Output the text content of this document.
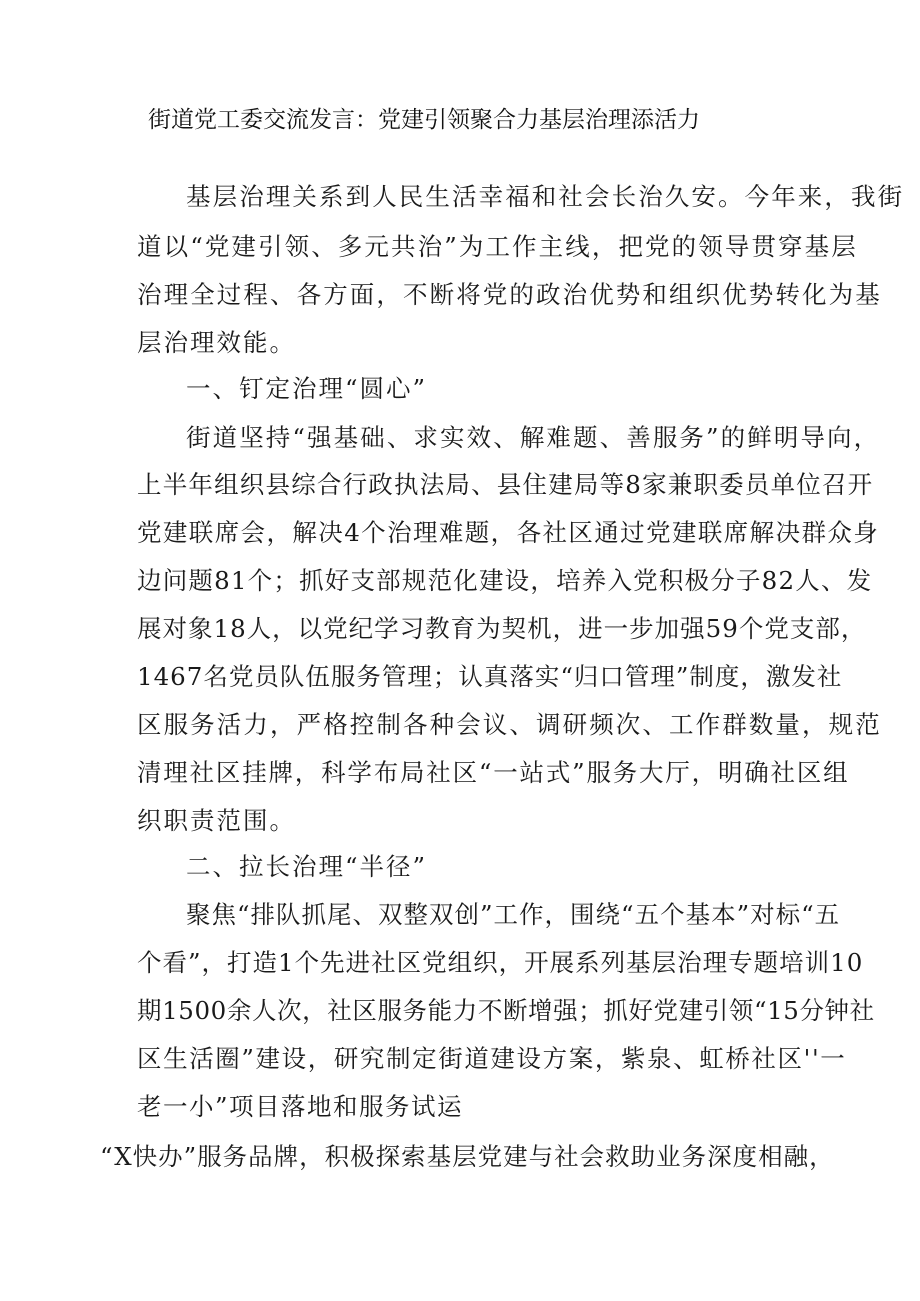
街道党工委交流发言：党建引领聚合力基层治理添活力
基层治理关系到人民生活幸福和社会长治久安。今年来，我街
道以“党建引领、多元共治”为工作主线，把党的领导贯穿基层
治理全过程、各方面，不断将党的政治优势和组织优势转化为基
层治理效能。
一、钉定治理“圆心”
街道坚持“强基础、求实效、解难题、善服务”的鲜明导向，
上半年组织县综合行政执法局、县住建局等8家兼职委员单位召开
党建联席会，解决4个治理难题，各社区通过党建联席解决群众身
边问题81个；抓好支部规范化建设，培养入党积极分子82人、发
展对象18人，以党纪学习教育为契机，进一步加强59个党支部，
1467名党员队伍服务管理；认真落实“归口管理”制度，激发社
区服务活力，严格控制各种会议、调研频次、工作群数量，规范
清理社区挂牌，科学布局社区“一站式”服务大厅，明确社区组
织职责范围。
二、拉长治理“半径”
聚焦“排队抓尾、双整双创”工作，围绕“五个基本”对标“五
个看”，打造1个先进社区党组织，开展系列基层治理专题培训10
期1500余人次，社区服务能力不断增强；抓好党建引领“15分钟社
区生活圈”建设，研究制定街道建设方案，紫泉、虹桥社区''一
老一小”项目落地和服务试运
“X快办”服务品牌，积极探索基层党建与社会救助业务深度相融，
